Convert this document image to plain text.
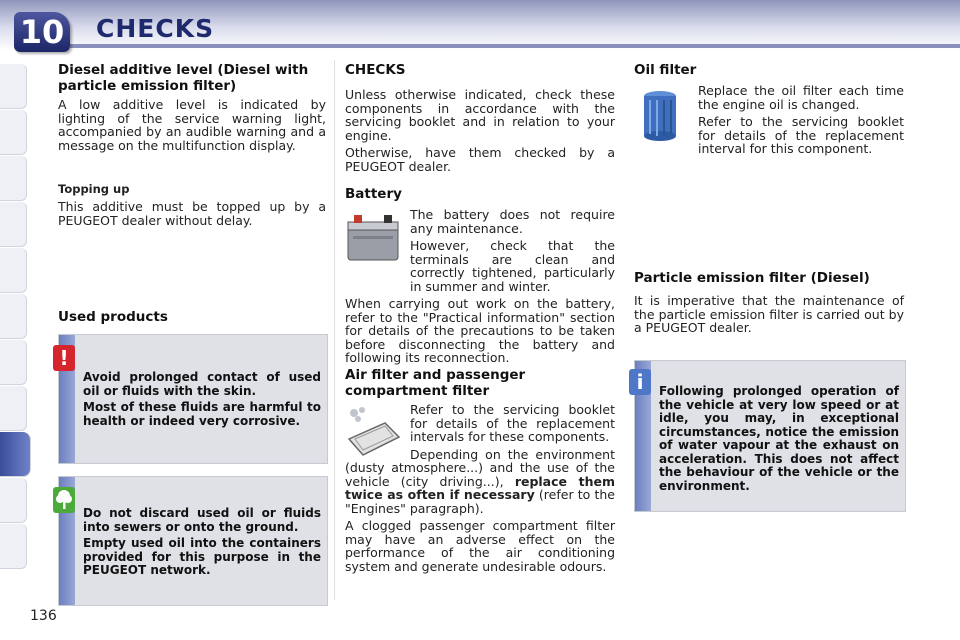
10 CHECKS
Diesel additive level (Diesel with particle emission filter)

A low additive level is indicated by lighting of the service warning light, accompanied by an audible warning and a message on the multifunction display.

Topping up

This additive must be topped up by a PEUGEOT dealer without delay.

Used products
!

Avoid prolonged contact of used oil or fluids with the skin.

Most of these fluids are harmful to health or indeed very corrosive.

Do not discard used oil or fluids into sewers or onto the ground.

Empty used oil into the containers provided for this purpose in the PEUGEOT network.

CHECKS

Unless otherwise indicated, check these components in accordance with the servicing booklet and in relation to your engine.

Otherwise, have them checked by a PEUGEOT dealer.

Battery

The battery does not require any maintenance.

However, check that the terminals are clean and correctly tightened, particularly in summer and winter.

When carrying out work on the battery, refer to the "Practical information" section for details of the precautions to be taken before disconnecting the battery and following its reconnection.

Air filter and passenger compartment filter

Refer to the servicing booklet for details of the replacement intervals for these components.

Depending on the environment (dusty atmosphere...) and the use of the vehicle (city driving...), replace them twice as often if necessary (refer to the "Engines" paragraph).

A clogged passenger compartment filter may have an adverse effect on the performance of the air conditioning system and generate undesirable odours.

Oil filter

Replace the oil filter each time the engine oil is changed.

Refer to the servicing booklet for details of the replacement interval for this component.

Particle emission filter (Diesel)

It is imperative that the maintenance of the particle emission filter is carried out by a PEUGEOT dealer.

i	Following prolonged operation of the vehicle at very low speed or at idle, you may, in exceptional circumstances, notice the emission of water vapour at the exhaust on acceleration. This does not affect the behaviour of the vehicle or the environment.

136
